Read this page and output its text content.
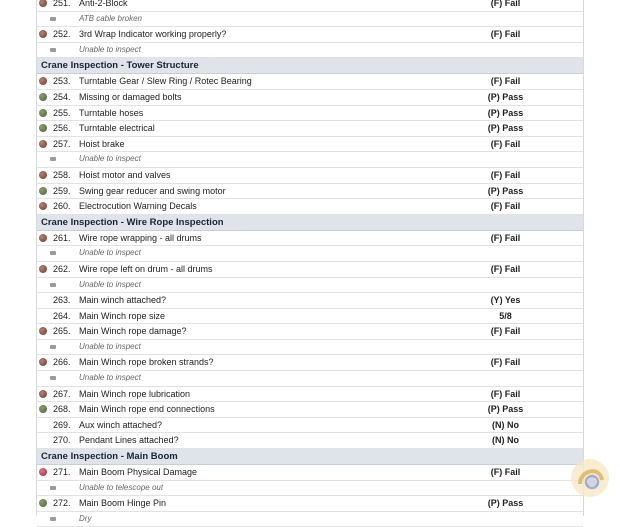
251. Anti-2-Block	(F) Fail
ATB cable broken
252. 3rd Wrap Indicator working properly?	(F) Fail
Unable to inspect
Crane Inspection - Tower Structure
253. Turntable Gear / Slew Ring / Rotec Bearing	(F) Fail
254. Missing or damaged bolts	(P) Pass
255. Turntable hoses	(P) Pass
256. Turntable electrical	(P) Pass
257. Hoist brake	(F) Fail
Unable to inspect
258. Hoist motor and valves	(F) Fail
259. Swing gear reducer and swing motor	(P) Pass
260. Electrocution Warning Decals	(F) Fail
Crane Inspection - Wire Rope Inspection
261. Wire rope wrapping - all drums	(F) Fail
Unable to inspect
262. Wire rope left on drum - all drums	(F) Fail
Unable to inspect
263. Main winch attached?	(Y) Yes
264. Main Winch rope size	5/8
265. Main Winch rope damage?	(F) Fail
Unable to inspect
266. Main Winch rope broken strands?	(F) Fail
Unable to inspect
267. Main Winch rope lubrication	(F) Fail
268. Main Winch rope end connections	(P) Pass
269. Aux winch attached?	(N) No
270. Pendant Lines attached?	(N) No
Crane Inspection - Main Boom
271. Main Boom Physical Damage	(F) Fail
Unable to telescope out
272. Main Boom Hinge Pin	(P) Pass
Dry
